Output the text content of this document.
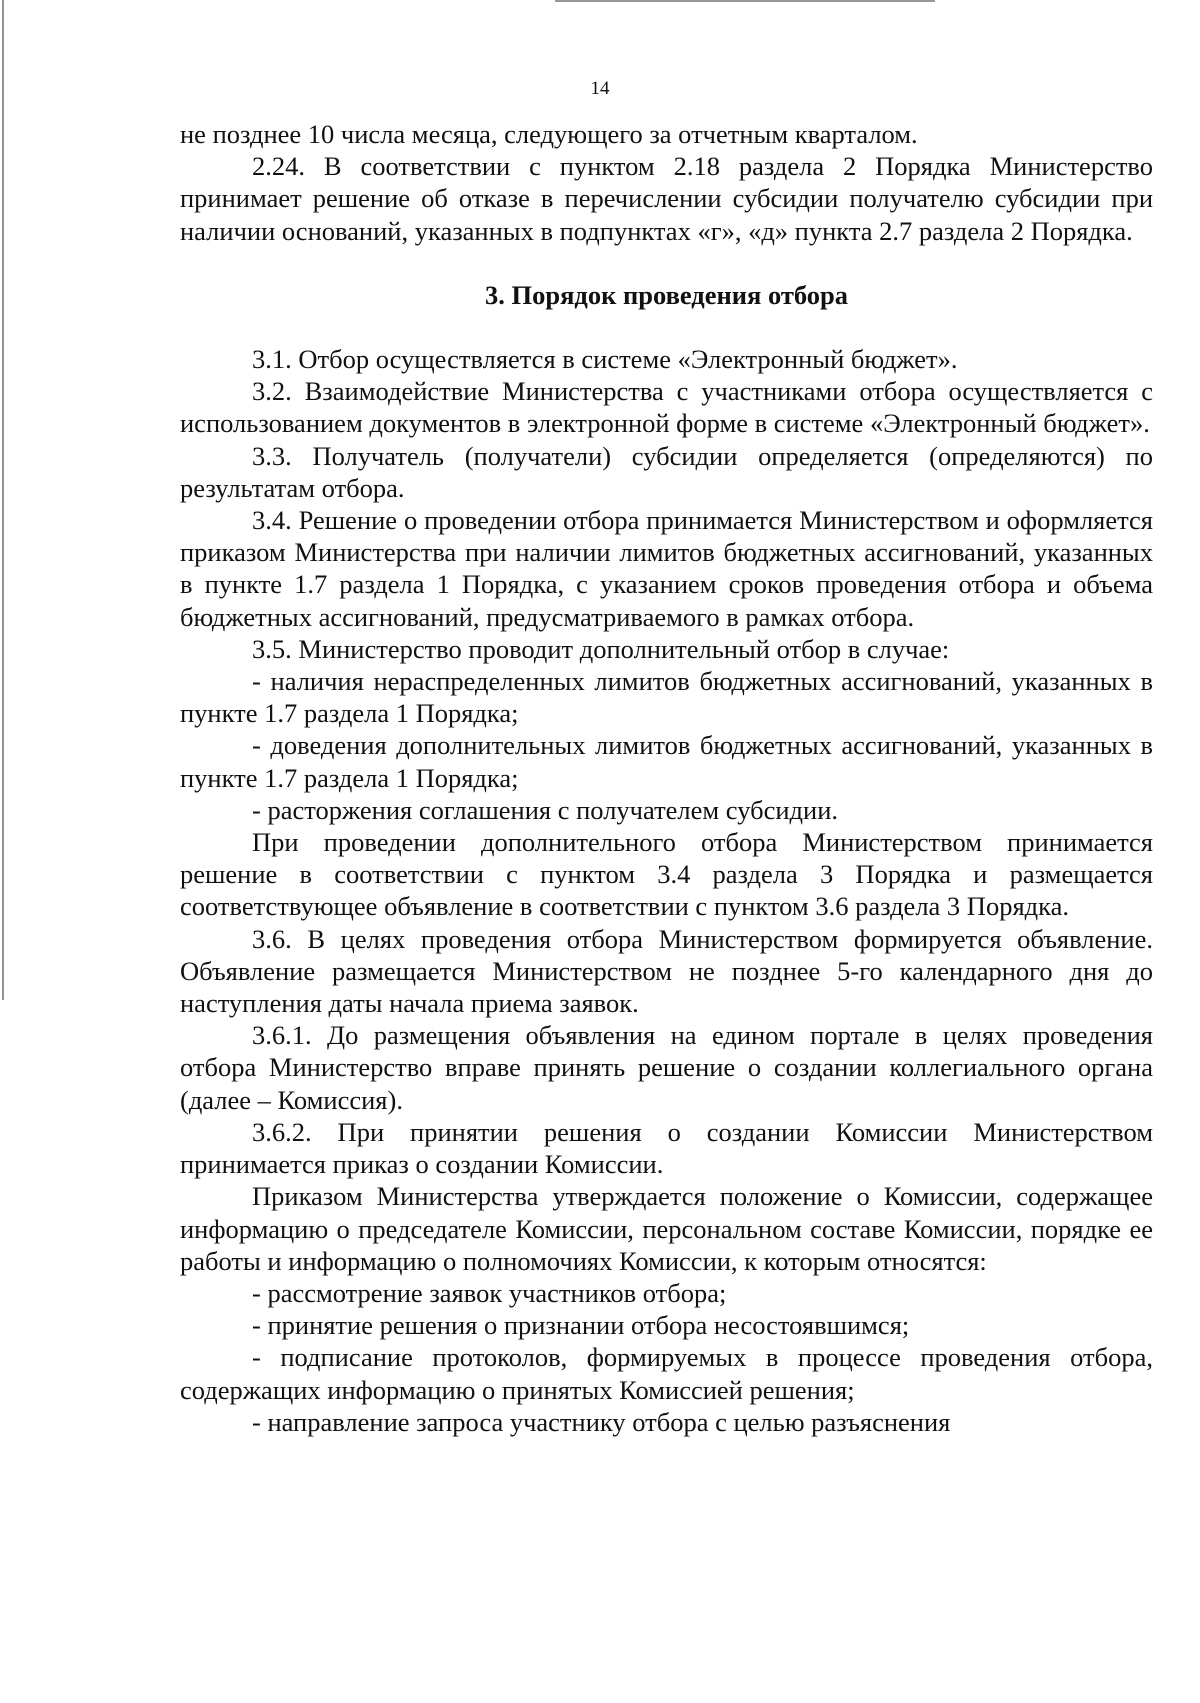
14

не позднее 10 числа месяца, следующего за отчетным кварталом.

2.24. В соответствии с пунктом 2.18 раздела 2 Порядка Министерство принимает решение об отказе в перечислении субсидии получателю субсидии при наличии оснований, указанных в подпунктах «г», «д» пункта 2.7 раздела 2 Порядка.

3. Порядок проведения отбора

3.1. Отбор осуществляется в системе «Электронный бюджет».

3.2. Взаимодействие Министерства с участниками отбора осуществляется с использованием документов в электронной форме в системе «Электронный бюджет».

3.3. Получатель (получатели) субсидии определяется (определяются) по результатам отбора.

3.4. Решение о проведении отбора принимается Министерством и оформляется приказом Министерства при наличии лимитов бюджетных ассигнований, указанных в пункте 1.7 раздела 1 Порядка, с указанием сроков проведения отбора и объема бюджетных ассигнований, предусматриваемого в рамках отбора.

3.5. Министерство проводит дополнительный отбор в случае:

- наличия нераспределенных лимитов бюджетных ассигнований, указанных в пункте 1.7 раздела 1 Порядка;

- доведения дополнительных лимитов бюджетных ассигнований, указанных в пункте 1.7 раздела 1 Порядка;

- расторжения соглашения с получателем субсидии.

При проведении дополнительного отбора Министерством принимается решение в соответствии с пунктом 3.4 раздела 3 Порядка и размещается соответствующее объявление в соответствии с пунктом 3.6 раздела 3 Порядка.

3.6. В целях проведения отбора Министерством формируется объявление. Объявление размещается Министерством не позднее 5-го календарного дня до наступления даты начала приема заявок.

3.6.1. До размещения объявления на едином портале в целях проведения отбора Министерство вправе принять решение о создании коллегиального органа (далее – Комиссия).

3.6.2. При принятии решения о создании Комиссии Министерством принимается приказ о создании Комиссии.

Приказом Министерства утверждается положение о Комиссии, содержащее информацию о председателе Комиссии, персональном составе Комиссии, порядке ее работы и информацию о полномочиях Комиссии, к которым относятся:

- рассмотрение заявок участников отбора;

- принятие решения о признании отбора несостоявшимся;

- подписание протоколов, формируемых в процессе проведения отбора, содержащих информацию о принятых Комиссией решения;

- направление запроса участнику отбора с целью разъяснения
